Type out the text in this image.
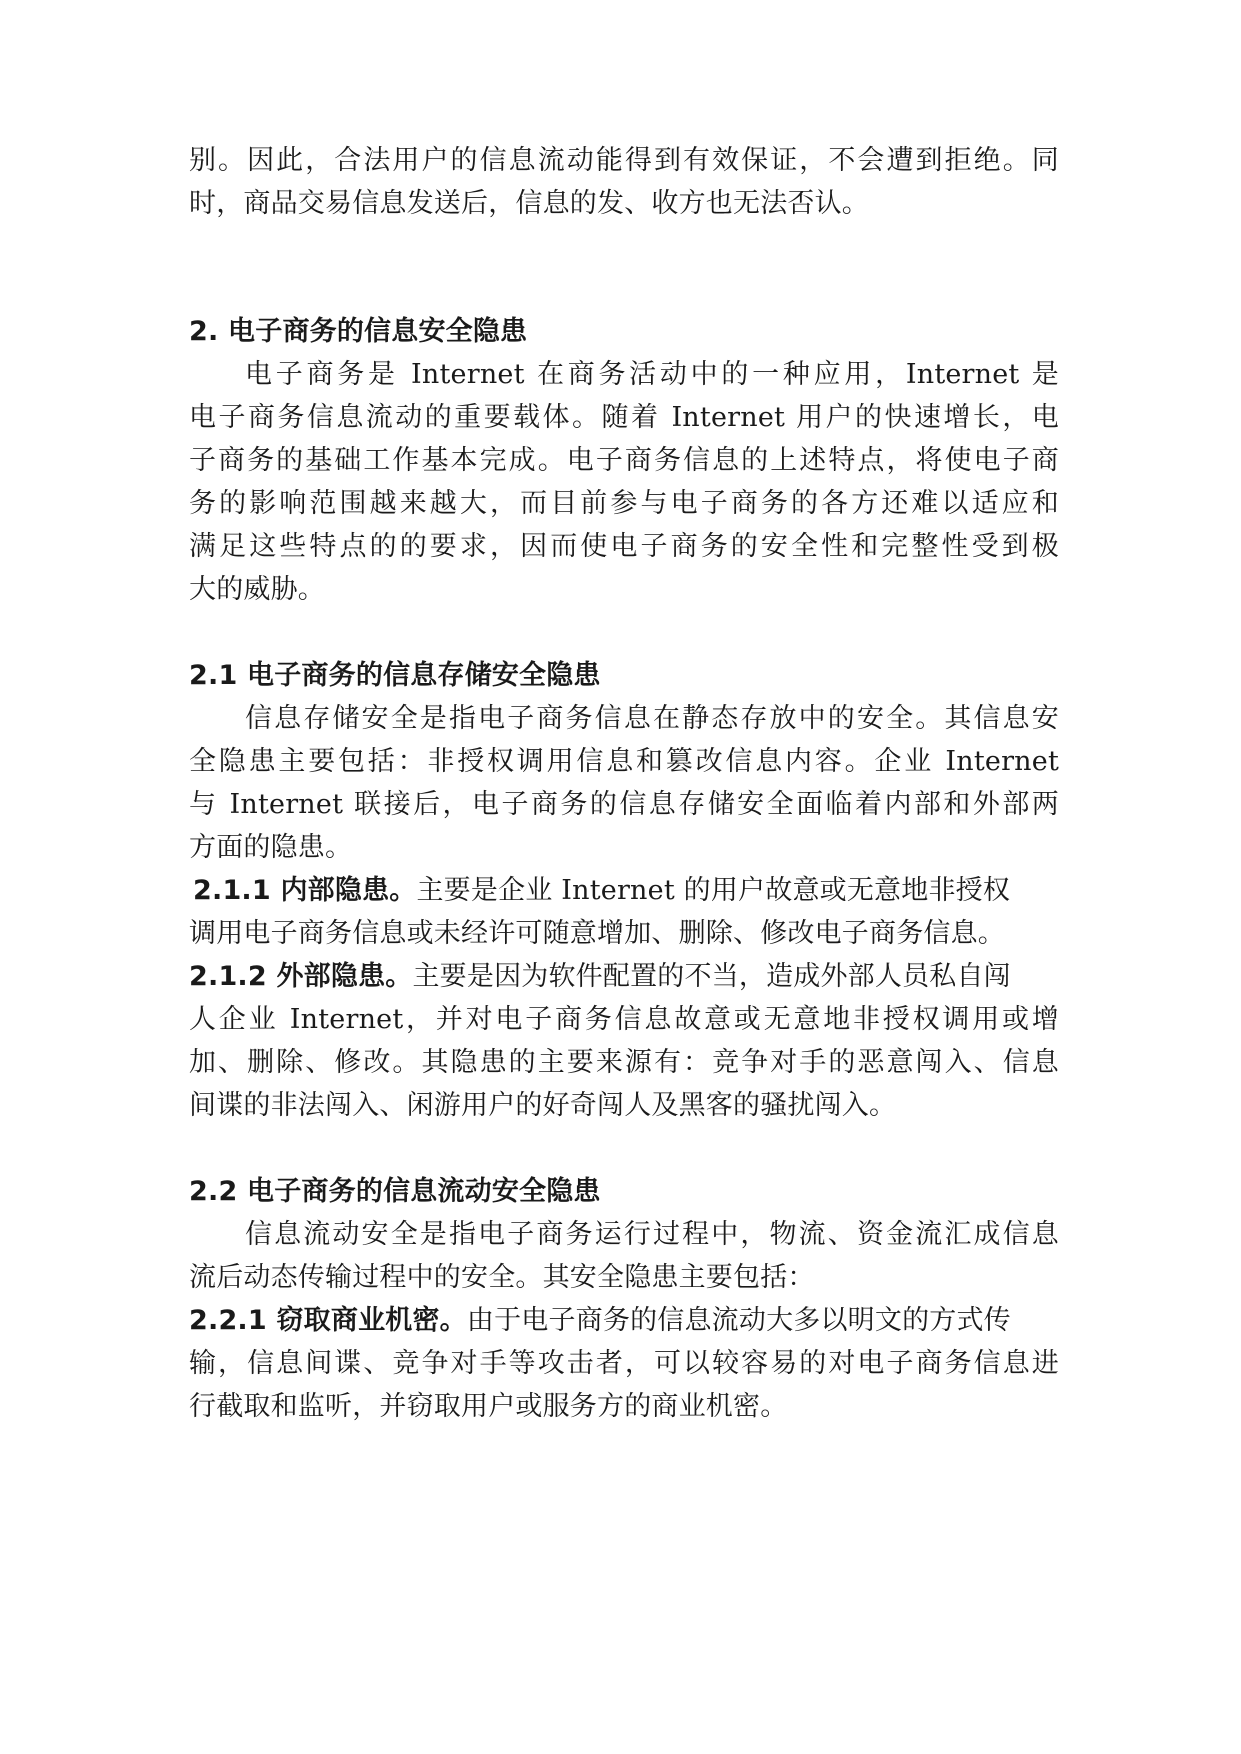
别。因此，合法用户的信息流动能得到有效保证，不会遭到拒绝。同
时，商品交易信息发送后，信息的发、收方也无法否认。
2. 电子商务的信息安全隐患
电子商务是 Internet 在商务活动中的一种应用，Internet 是
电子商务信息流动的重要载体。随着 Internet 用户的快速增长，电
子商务的基础工作基本完成。电子商务信息的上述特点，将使电子商
务的影响范围越来越大，而目前参与电子商务的各方还难以适应和
满足这些特点的的要求，因而使电子商务的安全性和完整性受到极
大的威胁。
2.1 电子商务的信息存储安全隐患
信息存储安全是指电子商务信息在静态存放中的安全。其信息安
全隐患主要包括：非授权调用信息和篡改信息内容。企业 Internet
与 Internet 联接后，电子商务的信息存储安全面临着内部和外部两
方面的隐患。
2.1.1 内部隐患。主要是企业 Internet 的用户故意或无意地非授权
调用电子商务信息或未经许可随意增加、删除、修改电子商务信息。
2.1.2 外部隐患。主要是因为软件配置的不当，造成外部人员私自闯
人企业 Internet，并对电子商务信息故意或无意地非授权调用或增
加、删除、修改。其隐患的主要来源有：竞争对手的恶意闯入、信息
间谍的非法闯入、闲游用户的好奇闯人及黑客的骚扰闯入。
2.2 电子商务的信息流动安全隐患
信息流动安全是指电子商务运行过程中，物流、资金流汇成信息
流后动态传输过程中的安全。其安全隐患主要包括：
2.2.1 窃取商业机密。由于电子商务的信息流动大多以明文的方式传
输，信息间谍、竞争对手等攻击者，可以较容易的对电子商务信息进
行截取和监听，并窃取用户或服务方的商业机密。
